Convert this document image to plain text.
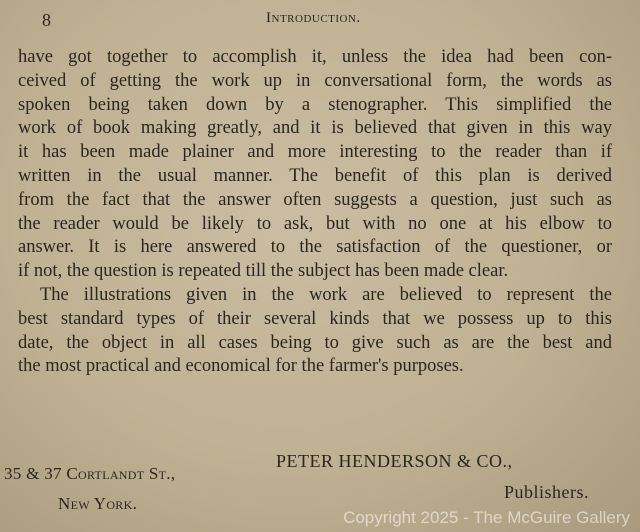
8	Introduction.
have got together to accomplish it, unless the idea had been con-
ceived of getting the work up in conversational form, the words as
spoken being taken down by a stenographer. This simplified the
work of book making greatly, and it is believed that given in this way
it has been made plainer and more interesting to the reader than if
written in the usual manner. The benefit of this plan is derived
from the fact that the answer often suggests a question, just such as
the reader would be likely to ask, but with no one at his elbow to
answer. It is here answered to the satisfaction of the questioner, or
if not, the question is repeated till the subject has been made clear.
The illustrations given in the work are believed to represent the
best standard types of their several kinds that we possess up to this
date, the object in all cases being to give such as are the best and
the most practical and economical for the farmer's purposes.
35 & 37 Cortlandt St.,
New York.
PETER HENDERSON & CO.,
Publishers.
Copyright 2025 - The McGuire Gallery
